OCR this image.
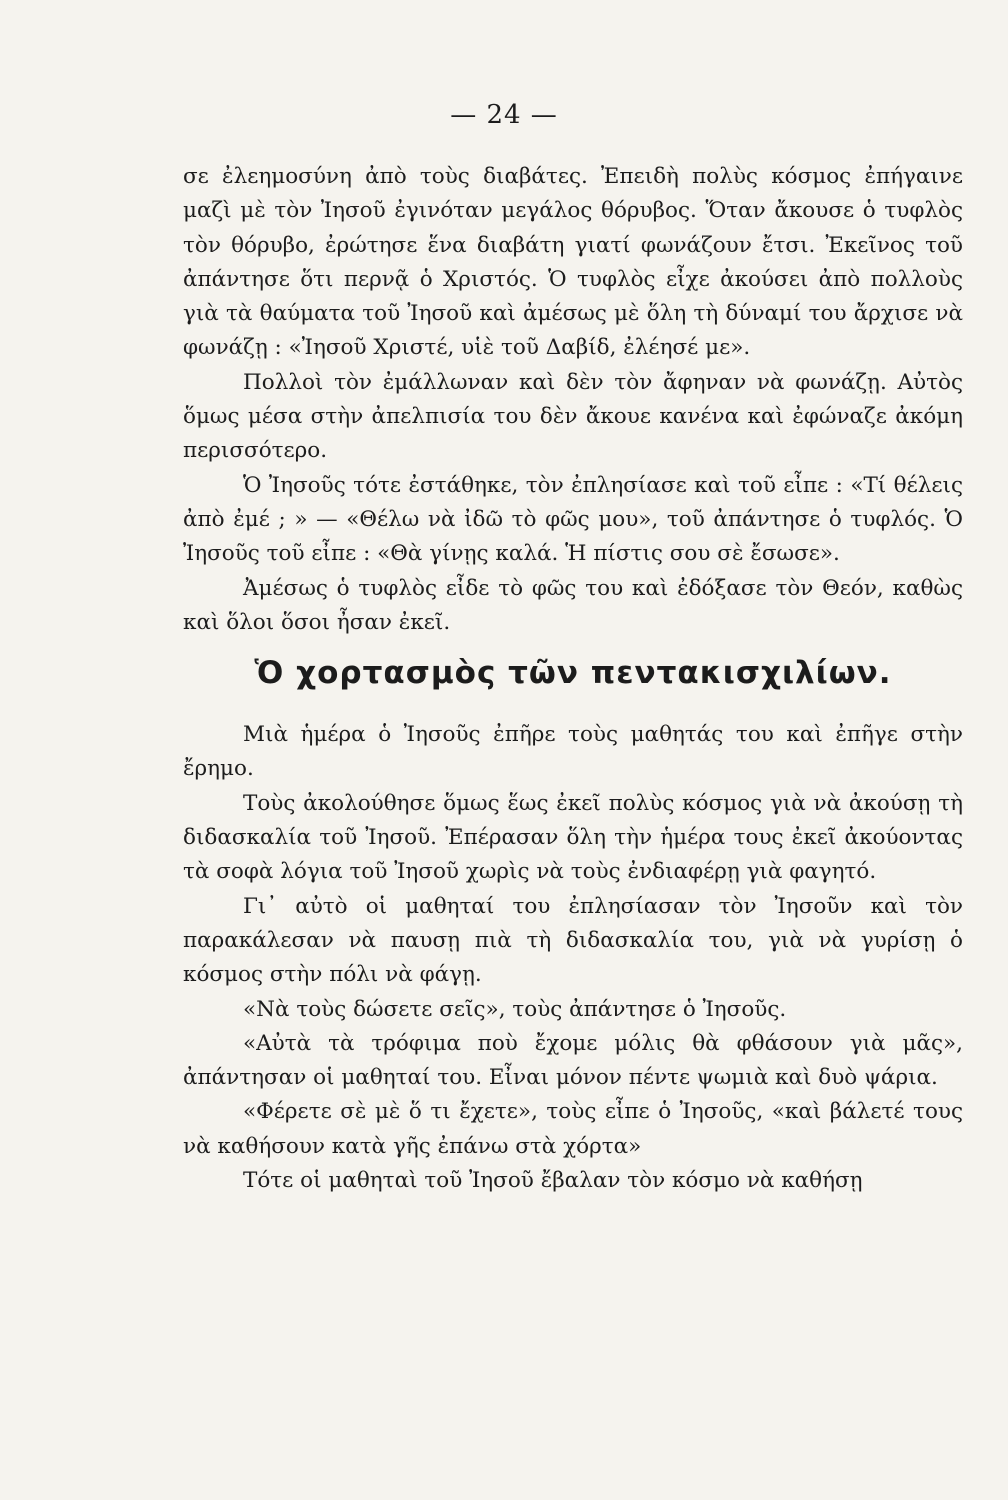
— 24 —

σε ἐλεημοσύνη ἀπὸ τοὺς διαβάτες. Ἐπειδὴ πολὺς κόσμος ἐπήγαινε μαζὶ μὲ τὸν Ἰησοῦ ἐγινόταν μεγάλος θόρυβος. Ὅταν ἄκουσε ὁ τυφλὸς τὸν θόρυβο, ἐρώτησε ἕνα διαβάτη γιατί φωνάζουν ἔτσι. Ἐκεῖνος τοῦ ἀπάντησε ὅτι περνᾷ ὁ Χριστός. Ὁ τυφλὸς εἶχε ἀκούσει ἀπὸ πολλοὺς γιὰ τὰ θαύματα τοῦ Ἰησοῦ καὶ ἀμέσως μὲ ὅλη τὴ δύναμί του ἄρχισε νὰ φωνάζῃ : «Ἰησοῦ Χριστέ, υἱὲ τοῦ Δαβίδ, ἐλέησέ με».

Πολλοὶ τὸν ἐμάλλωναν καὶ δὲν τὸν ἄφηναν νὰ φωνάζῃ. Αὐτὸς ὅμως μέσα στὴν ἀπελπισία του δὲν ἄκουε κανένα καὶ ἐφώναζε ἀκόμη περισσότερο.

Ὁ Ἰησοῦς τότε ἐστάθηκε, τὸν ἐπλησίασε καὶ τοῦ εἶπε : «Τί θέλεις ἀπὸ ἐμέ ; » — «Θέλω νὰ ἰδῶ τὸ φῶς μου», τοῦ ἀπάντησε ὁ τυφλός. Ὁ Ἰησοῦς τοῦ εἶπε : «Θὰ γίνῃς καλά. Ἡ πίστις σου σὲ ἔσωσε».

Ἀμέσως ὁ τυφλὸς εἶδε τὸ φῶς του καὶ ἐδόξασε τὸν Θεόν, καθὼς καὶ ὅλοι ὅσοι ἦσαν ἐκεῖ.

Ὁ χορτασμὸς τῶν πεντακισχιλίων.

Μιὰ ἡμέρα ὁ Ἰησοῦς ἐπῆρε τοὺς μαθητάς του καὶ ἐπῆγε στὴν ἔρημο.

Τοὺς ἀκολούθησε ὅμως ἕως ἐκεῖ πολὺς κόσμος γιὰ νὰ ἀκούσῃ τὴ διδασκαλία τοῦ Ἰησοῦ. Ἐπέρασαν ὅλη τὴν ἡμέρα τους ἐκεῖ ἀκούοντας τὰ σοφὰ λόγια τοῦ Ἰησοῦ χωρὶς νὰ τοὺς ἐνδιαφέρῃ γιὰ φαγητό.

Γι᾿ αὐτὸ οἱ μαθηταί του ἐπλησίασαν τὸν Ἰησοῦν καὶ τὸν παρακάλεσαν νὰ παυσῃ πιὰ τὴ διδασκαλία του, γιὰ νὰ γυρίσῃ ὁ κόσμος στὴν πόλι νὰ φάγῃ.

«Νὰ τοὺς δώσετε σεῖς», τοὺς ἀπάντησε ὁ Ἰησοῦς.

«Αὐτὰ τὰ τρόφιμα ποὺ ἔχομε μόλις θὰ φθάσουν γιὰ μᾶς», ἀπάντησαν οἱ μαθηταί του. Εἶναι μόνον πέντε ψωμιὰ καὶ δυὸ ψάρια.

«Φέρετε σὲ μὲ ὅ τι ἔχετε», τοὺς εἶπε ὁ Ἰησοῦς, «καὶ βάλετέ τους νὰ καθήσουν κατὰ γῆς ἐπάνω στὰ χόρτα»

Τότε οἱ μαθηταὶ τοῦ Ἰησοῦ ἔβαλαν τὸν κόσμο νὰ καθήσῃ
